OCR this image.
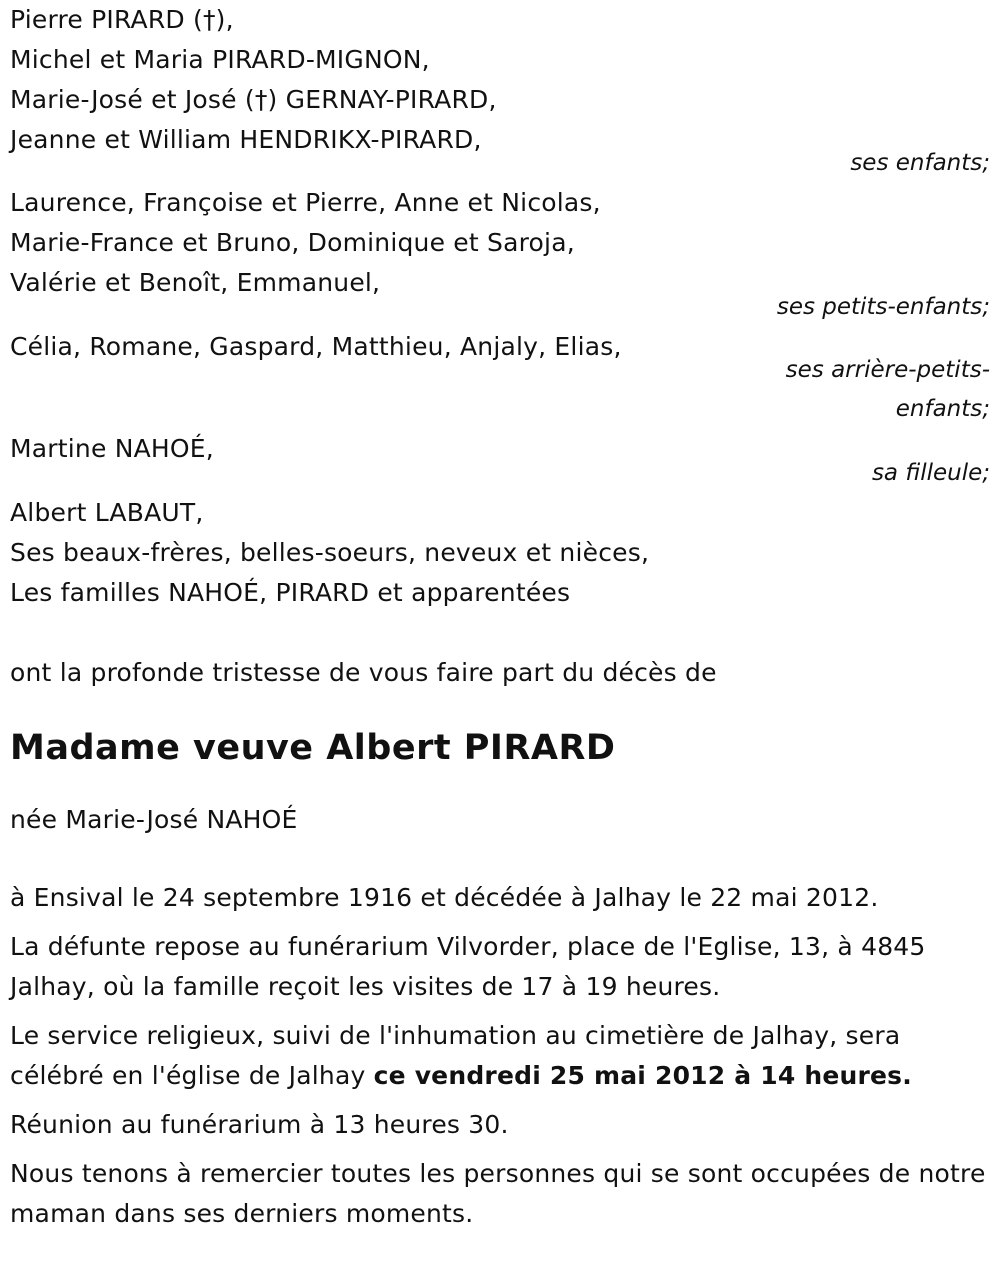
Pierre PIRARD (†),
Michel et Maria PIRARD-MIGNON,
Marie-José et José (†) GERNAY-PIRARD,
Jeanne et William HENDRIKX-PIRARD,
ses enfants;
Laurence, Françoise et Pierre, Anne et Nicolas,
Marie-France et Bruno, Dominique et Saroja,
Valérie et Benoît, Emmanuel,
ses petits-enfants;
Célia, Romane, Gaspard, Matthieu, Anjaly, Elias,
ses arrière-petits-
enfants;
Martine NAHOÉ,
sa filleule;
Albert LABAUT,
Ses beaux-frères, belles-soeurs, neveux et nièces,
Les familles NAHOÉ, PIRARD et apparentées
ont la profonde tristesse de vous faire part du décès de
Madame veuve Albert PIRARD
née Marie-José NAHOÉ
à Ensival le 24 septembre 1916 et décédée à Jalhay le 22 mai 2012.
La défunte repose au funérarium Vilvorder, place de l'Eglise, 13, à 4845 Jalhay, où la famille reçoit les visites de 17 à 19 heures.
Le service religieux, suivi de l'inhumation au cimetière de Jalhay, sera célébré en l'église de Jalhay ce vendredi 25 mai 2012 à 14 heures.
Réunion au funérarium à 13 heures 30.
Nous tenons à remercier toutes les personnes qui se sont occupées de notre maman dans ses derniers moments.
